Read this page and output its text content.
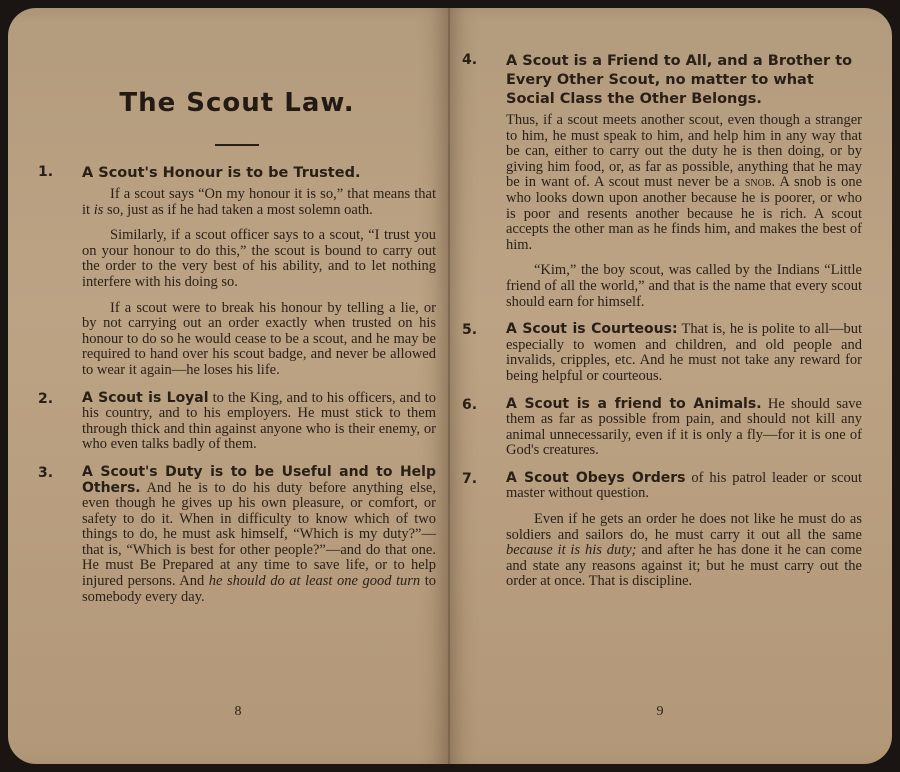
The Scout Law.
1. A Scout's Honour is to be Trusted.

If a scout says “On my honour it is so,” that means that it is so, just as if he had taken a most solemn oath.

Similarly, if a scout officer says to a scout, “I trust you on your honour to do this,” the scout is bound to carry out the order to the very best of his ability, and to let nothing interfere with his doing so.

If a scout were to break his honour by telling a lie, or by not carrying out an order exactly when trusted on his honour to do so he would cease to be a scout, and he may be required to hand over his scout badge, and never be allowed to wear it again—he loses his life.

2. A Scout is Loyal to the King, and to his officers, and to his country, and to his employers. He must stick to them through thick and thin against anyone who is their enemy, or who even talks badly of them.
3. A Scout's Duty is to be Useful and to Help Others. And he is to do his duty before anything else, even though he gives up his own pleasure, or comfort, or safety to do it. When in difficulty to know which of two things to do, he must ask himself, “Which is my duty?”—that is, “Which is best for other people?”—and do that one. He must Be Prepared at any time to save life, or to help injured persons. And he should do at least one good turn to somebody every day.
8
4. A Scout is a Friend to All, and a Brother to Every Other Scout, no matter to what Social Class the Other Belongs.

Thus, if a scout meets another scout, even though a stranger to him, he must speak to him, and help him in any way that be can, either to carry out the duty he is then doing, or by giving him food, or, as far as possible, anything that he may be in want of. A scout must never be a snob. A snob is one who looks down upon another because he is poorer, or who is poor and resents another because he is rich. A scout accepts the other man as he finds him, and makes the best of him.

“Kim,” the boy scout, was called by the Indians “Little friend of all the world,” and that is the name that every scout should earn for himself.

5. A Scout is Courteous: That is, he is polite to all—but especially to women and children, and old people and invalids, cripples, etc. And he must not take any reward for being helpful or courteous.
6. A Scout is a friend to Animals. He should save them as far as possible from pain, and should not kill any animal unnecessarily, even if it is only a fly—for it is one of God's creatures.
7. A Scout Obeys Orders of his patrol leader or scout master without question.

Even if he gets an order he does not like he must do as soldiers and sailors do, he must carry it out all the same because it is his duty; and after he has done it he can come and state any reasons against it; but he must carry out the order at once. That is discipline.

9
